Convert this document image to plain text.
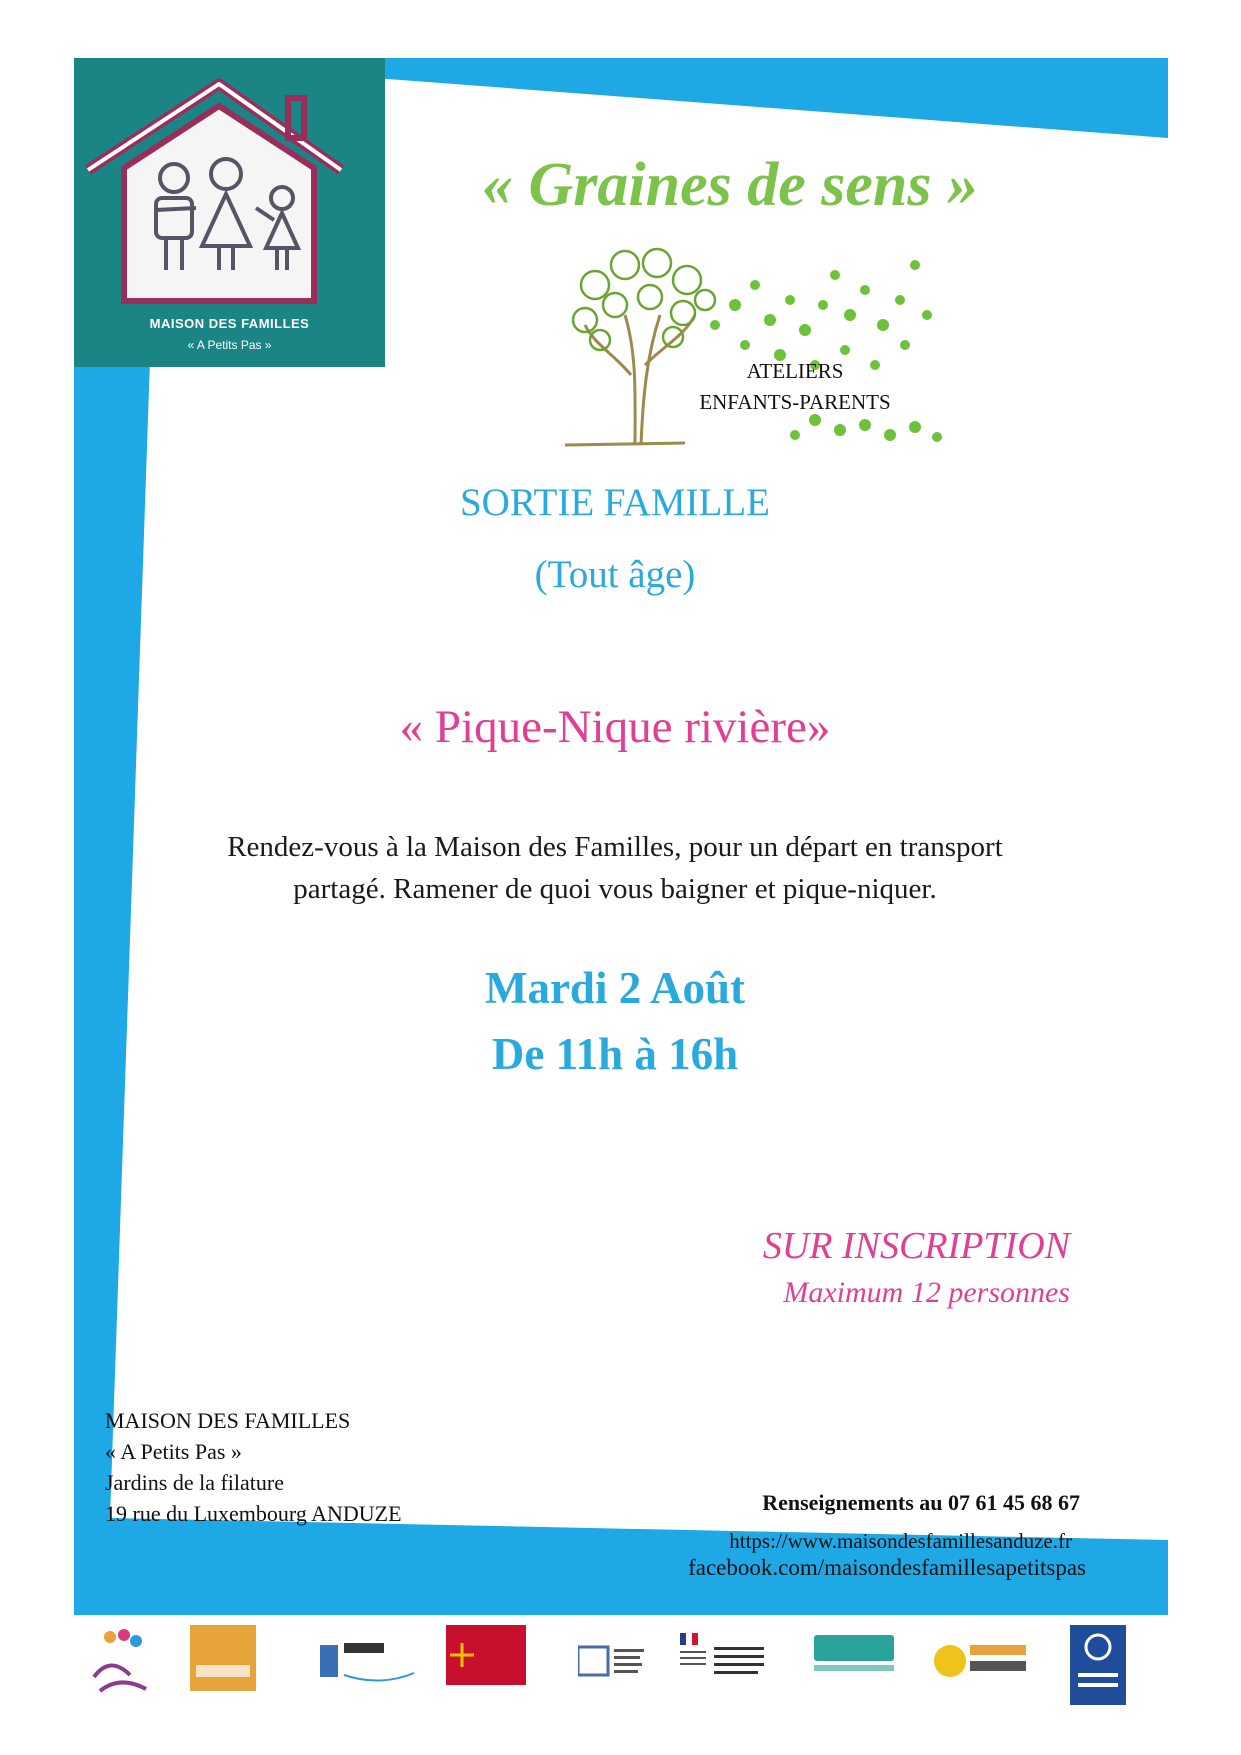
MAISON DES FAMILLES
« A Petits Pas »
« Graines de sens »
ATELIERS
ENFANTS-PARENTS
SORTIE FAMILLE
(Tout âge)
« Pique-Nique rivière»
Rendez-vous à la Maison des Familles, pour un départ en transport
partagé. Ramener de quoi vous baigner et pique-niquer.
Mardi 2 Août
De 11h à 16h
SUR INSCRIPTION
Maximum 12 personnes
MAISON DES FAMILLES
« A Petits Pas »
Jardins de la filature
19 rue du Luxembourg ANDUZE	Renseignements au 07 61 45 68 67
https://www.maisondesfamillesanduze.fr
facebook.com/maisondesfamillesapetitspas
